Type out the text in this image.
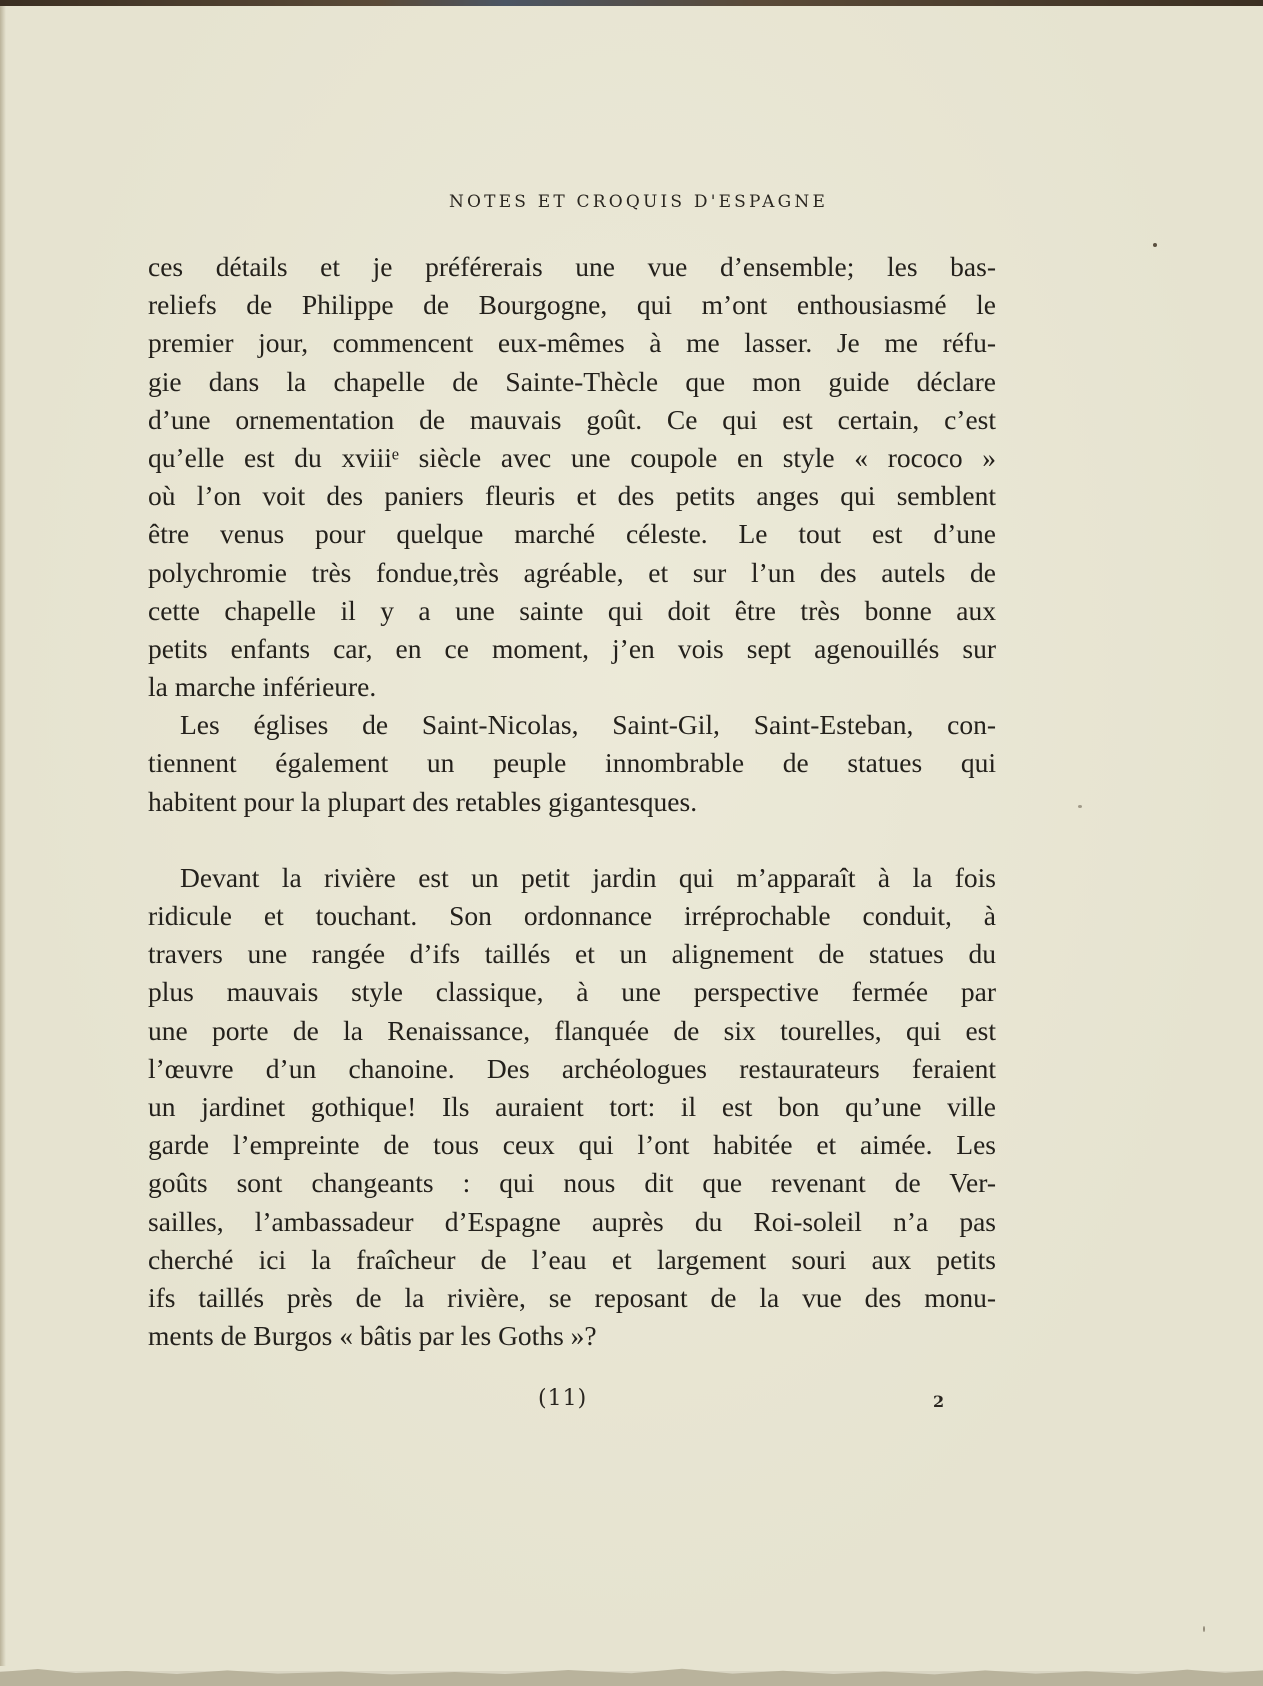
NOTES ET CROQUIS D'ESPAGNE
ces détails et je préférerais une vue d’ensemble; les bas-
reliefs de Philippe de Bourgogne, qui m’ont enthousiasmé le
premier jour, commencent eux-mêmes à me lasser. Je me réfu-
gie dans la chapelle de Sainte-Thècle que mon guide déclare
d’une ornementation de mauvais goût. Ce qui est certain, c’est
qu’elle est du xviiiᵉ siècle avec une coupole en style « rococo »
où l’on voit des paniers fleuris et des petits anges qui semblent
être venus pour quelque marché céleste. Le tout est d’une
polychromie très fondue,très agréable, et sur l’un des autels de
cette chapelle il y a une sainte qui doit être très bonne aux
petits enfants car, en ce moment, j’en vois sept agenouillés sur
la marche inférieure.
Les églises de Saint-Nicolas, Saint-Gil, Saint-Esteban, con-
tiennent également un peuple innombrable de statues qui
habitent pour la plupart des retables gigantesques.
Devant la rivière est un petit jardin qui m’apparaît à la fois
ridicule et touchant. Son ordonnance irréprochable conduit, à
travers une rangée d’ifs taillés et un alignement de statues du
plus mauvais style classique, à une perspective fermée par
une porte de la Renaissance, flanquée de six tourelles, qui est
l’œuvre d’un chanoine. Des archéologues restaurateurs feraient
un jardinet gothique! Ils auraient tort: il est bon qu’une ville
garde l’empreinte de tous ceux qui l’ont habitée et aimée. Les
goûts sont changeants : qui nous dit que revenant de Ver-
sailles, l’ambassadeur d’Espagne auprès du Roi-soleil n’a pas
cherché ici la fraîcheur de l’eau et largement souri aux petits
ifs taillés près de la rivière, se reposant de la vue des monu-
ments de Burgos « bâtis par les Goths »?
(11)	2
